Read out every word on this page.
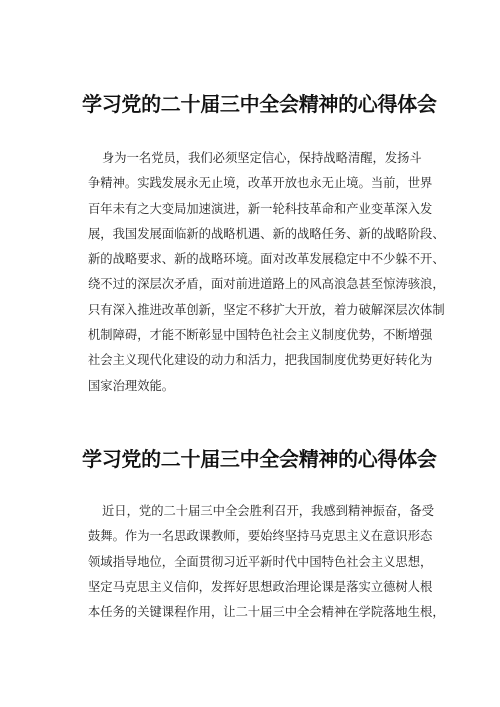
学习党的二十届三中全会精神的心得体会

身为一名党员，我们必须坚定信心，保持战略清醒，发扬斗
争精神。实践发展永无止境，改革开放也永无止境。当前，世界
百年未有之大变局加速演进，新一轮科技革命和产业变革深入发
展，我国发展面临新的战略机遇、新的战略任务、新的战略阶段、
新的战略要求、新的战略环境。面对改革发展稳定中不少躲不开、
绕不过的深层次矛盾，面对前进道路上的风高浪急甚至惊涛骇浪，
只有深入推进改革创新，坚定不移扩大开放，着力破解深层次体制
机制障碍，才能不断彰显中国特色社会主义制度优势，不断增强
社会主义现代化建设的动力和活力，把我国制度优势更好转化为
国家治理效能。

学习党的二十届三中全会精神的心得体会

近日，党的二十届三中全会胜利召开，我感到精神振奋，备受
鼓舞。作为一名思政课教师，要始终坚持马克思主义在意识形态
领域指导地位，全面贯彻习近平新时代中国特色社会主义思想，
坚定马克思主义信仰，发挥好思想政治理论课是落实立德树人根
本任务的关键课程作用，让二十届三中全会精神在学院落地生根，
